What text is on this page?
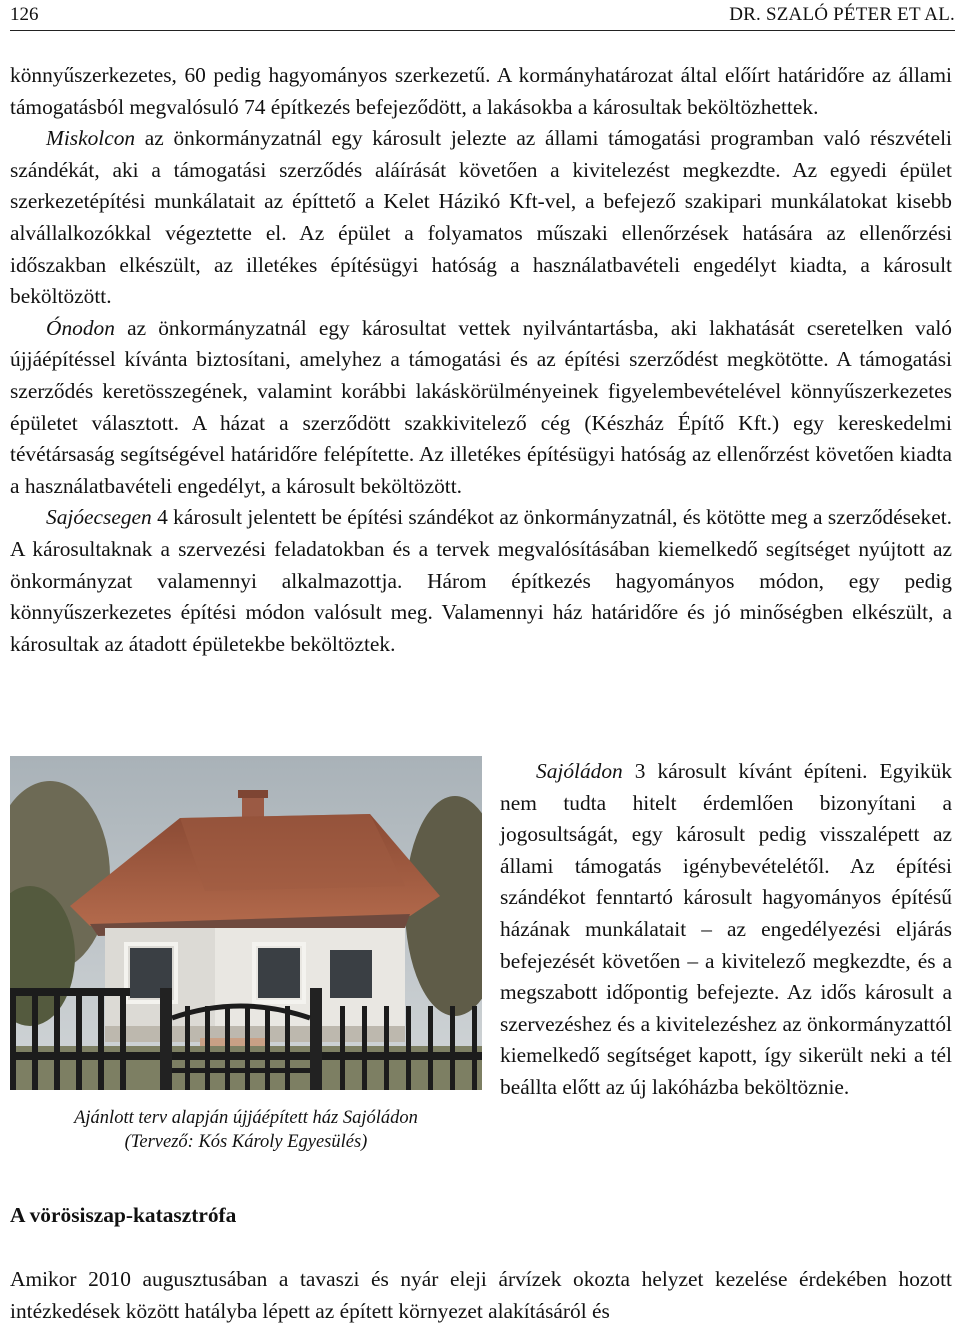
126	DR. SZALÓ PÉTER ET AL.

könnyűszerkezetes, 60 pedig hagyományos szerkezetű. A kormányhatározat által előírt határidőre az állami támogatásból megvalósuló 74 építkezés befejeződött, a lakásokba a károsultak beköltözhettek.

Miskolcon az önkormányzatnál egy károsult jelezte az állami támogatási programban való részvételi szándékát, aki a támogatási szerződés aláírását követően a kivitelezést megkezdte. Az egyedi épület szerkezetépítési munkálatait az építtető a Kelet Házikó Kft-vel, a befejező szakipari munkálatokat kisebb alvállalkozókkal végeztette el. Az épület a folyamatos műszaki ellenőrzések hatására az ellenőrzési időszakban elkészült, az illetékes építésügyi hatóság a használatbavételi engedélyt kiadta, a károsult beköltözött.

Ónodon az önkormányzatnál egy károsultat vettek nyilvántartásba, aki lakhatását cseretelken való újjáépítéssel kívánta biztosítani, amelyhez a támogatási és az építési szerződést megkötötte. A támogatási szerződés keretösszegének, valamint korábbi lakáskörülményeinek figyelembevételével könnyűszerkezetes épületet választott. A házat a szerződött szakkivitelező cég (Készház Építő Kft.) egy kereskedelmi tévétársaság segítségével határidőre felépítette. Az illetékes építésügyi hatóság az ellenőrzést követően kiadta a használatbavételi engedélyt, a károsult beköltözött.

Sajóecsegen 4 károsult jelentett be építési szándékot az önkormányzatnál, és kötötte meg a szerződéseket. A károsultaknak a szervezési feladatokban és a tervek megvalósításában kiemelkedő segítséget nyújtott az önkormányzat valamennyi alkalmazottja. Három építkezés hagyományos módon, egy pedig könnyűszerkezetes építési módon valósult meg. Valamennyi ház határidőre és jó minőségben elkészült, a károsultak az átadott épületekbe beköltöztek.

Ajánlott terv alapján újjáépített ház Sajóládon
(Tervező: Kós Károly Egyesülés)

Sajóládon 3 károsult kívánt építeni. Egyikük nem tudta hitelt érdemlően bizonyítani a jogosultságát, egy károsult pedig visszalépett az állami támogatás igénybevételétől. Az építési szándékot fenntartó károsult hagyományos építésű házának munkálatait – az engedélyezési eljárás befejezését követően – a kivitelező megkezdte, és a megszabott időpontig befejezte. Az idős károsult a szervezéshez és a kivitelezéshez az önkormányzattól kiemelkedő segítséget kapott, így sikerült neki a tél beállta előtt az új lakóházba beköltöznie.

A vörösiszap-katasztrófa

Amikor 2010 augusztusában a tavaszi és nyár eleji árvízek okozta helyzet kezelése érdekében hozott intézkedések között hatályba lépett az épített környezet alakításáról és
